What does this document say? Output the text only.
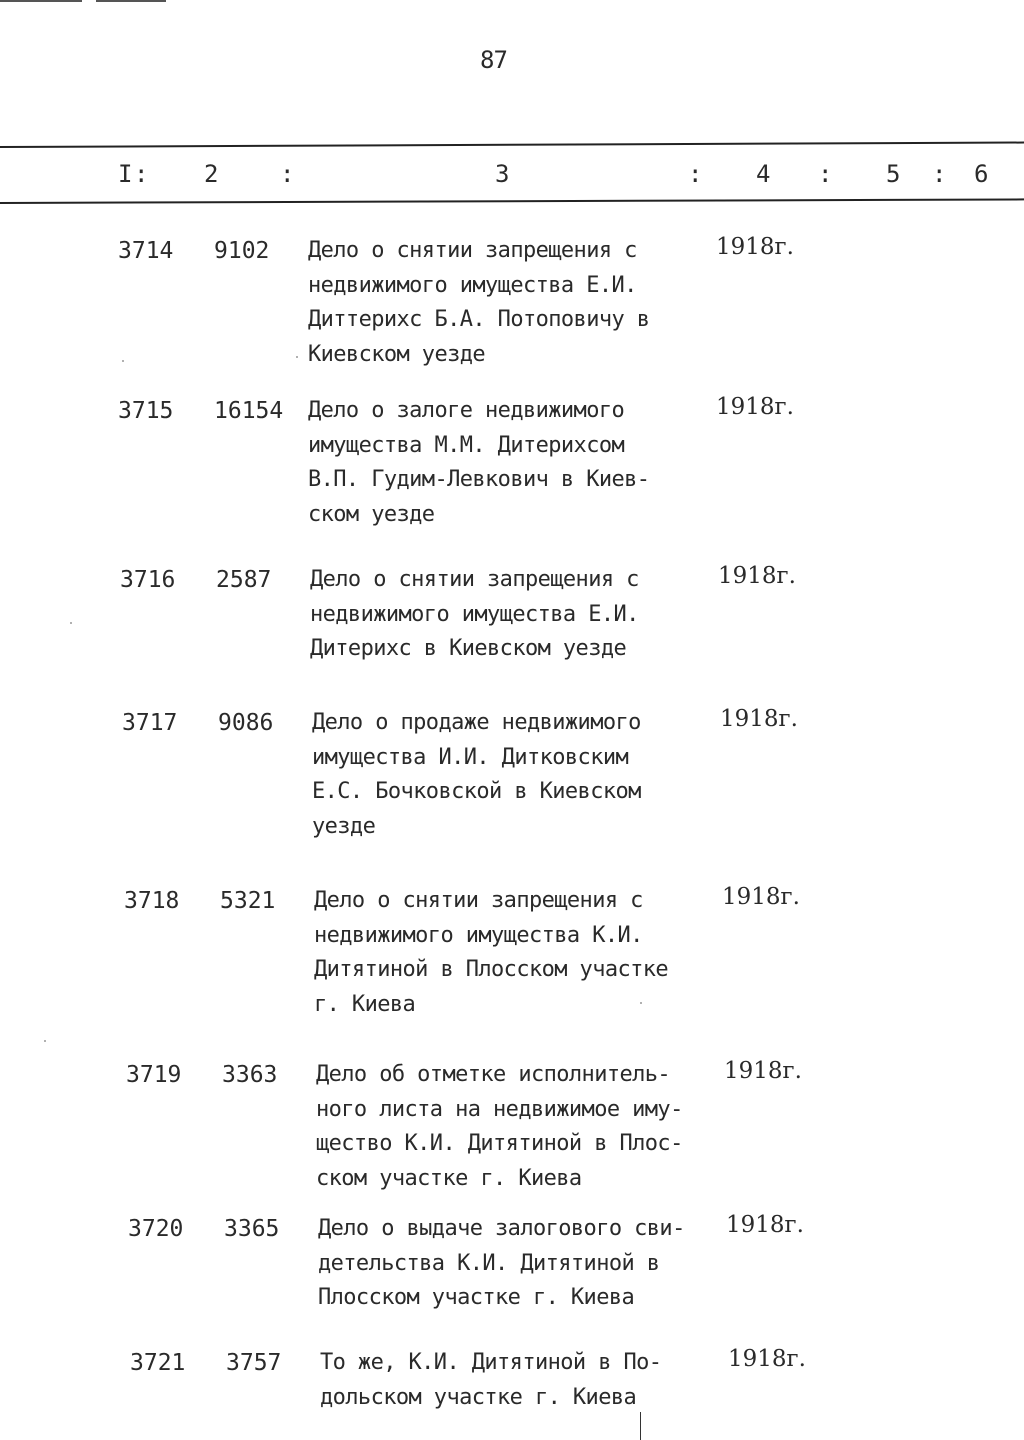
87
I : 2	:	3	: 4 : 5 : 6
3714	9102	Дело о снятии запрещения с
недвижимого имущества Е.И.
Диттерихс Б.А. Потоповичу в
Киевском уезде
1918г.
3715	16154	Дело о залоге недвижимого
имущества М.М. Дитерихсом
В.П. Гудим-Левкович в Киев-
ском уезде
1918г.
3716	2587	Дело о снятии запрещения с
недвижимого имущества Е.И.
Дитерихс в Киевском уезде
1918г.
3717	9086	Дело о продаже недвижимого
имущества И.И. Дитковским
Е.С. Бочковской в Киевском
уезде
1918г.
3718	5321	Дело о снятии запрещения с
недвижимого имущества К.И.
Дитятиной в Плосском участке
г. Киева
1918г.
3719	3363	Дело об отметке исполнитель-
ного листа на недвижимое иму-
щество К.И. Дитятиной в Плос-
ском участке г. Киева
1918г.
3720	3365	Дело о выдаче залогового сви-
детельства К.И. Дитятиной в
Плосском участке г. Киева
1918г.
3721	3757	То же, К.И. Дитятиной в По-
дольском участке г. Киева
1918г.
